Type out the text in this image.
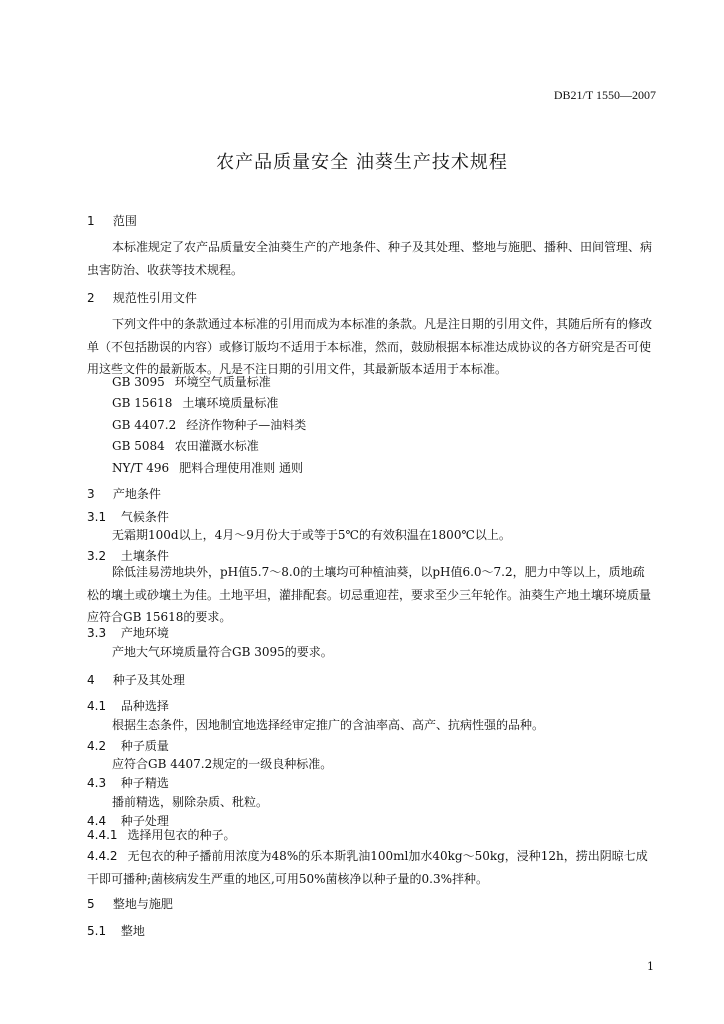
DB21/T 1550—2007
农产品质量安全 油葵生产技术规程
1 范围

本标准规定了农产品质量安全油葵生产的产地条件、种子及其处理、整地与施肥、播种、田间管理、病虫害防治、收获等技术规程。

2 规范性引用文件

下列文件中的条款通过本标准的引用而成为本标准的条款。凡是注日期的引用文件，其随后所有的修改单（不包括勘误的内容）或修订版均不适用于本标准，然而，鼓励根据本标准达成协议的各方研究是否可使用这些文件的最新版本。凡是不注日期的引用文件，其最新版本适用于本标准。

GB 3095 环境空气质量标准
GB 15618 土壤环境质量标准
GB 4407.2 经济作物种子—油料类
GB 5084 农田灌溉水标准
NY/T 496 肥料合理使用准则 通则
3 产地条件
3.1 气候条件
无霜期100d以上，4月～9月份大于或等于5℃的有效积温在1800℃以上。
3.2 土壤条件

除低洼易涝地块外，pH值5.7～8.0的土壤均可种植油葵，以pH值6.0～7.2，肥力中等以上，质地疏松的壤土或砂壤土为佳。土地平坦，灌排配套。切忌重迎茬，要求至少三年轮作。油葵生产地土壤环境质量应符合GB 15618的要求。

3.3 产地环境
产地大气环境质量符合GB 3095的要求。
4 种子及其处理
4.1 品种选择
根据生态条件，因地制宜地选择经审定推广的含油率高、高产、抗病性强的品种。
4.2 种子质量
应符合GB 4407.2规定的一级良种标准。
4.3 种子精选
播前精选，剔除杂质、秕粒。
4.4 种子处理
4.4.1 选择用包衣的种子。
4.4.2 无包衣的种子播前用浓度为48%的乐本斯乳油100ml加水40kg～50kg，浸种12h，捞出阴晾七成干即可播种;菌核病发生严重的地区,可用50%菌核净以种子量的0.3%拌种。
5 整地与施肥
5.1 整地
1
